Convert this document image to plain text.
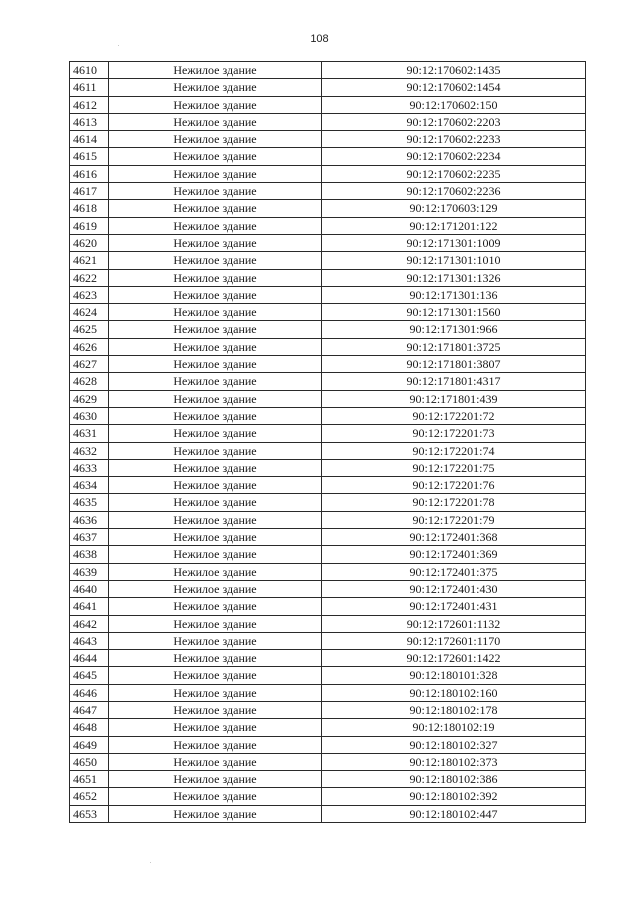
108
4610	Нежилое здание	90:12:170602:1435
4611	Нежилое здание	90:12:170602:1454
4612	Нежилое здание	90:12:170602:150
4613	Нежилое здание	90:12:170602:2203
4614	Нежилое здание	90:12:170602:2233
4615	Нежилое здание	90:12:170602:2234
4616	Нежилое здание	90:12:170602:2235
4617	Нежилое здание	90:12:170602:2236
4618	Нежилое здание	90:12:170603:129
4619	Нежилое здание	90:12:171201:122
4620	Нежилое здание	90:12:171301:1009
4621	Нежилое здание	90:12:171301:1010
4622	Нежилое здание	90:12:171301:1326
4623	Нежилое здание	90:12:171301:136
4624	Нежилое здание	90:12:171301:1560
4625	Нежилое здание	90:12:171301:966
4626	Нежилое здание	90:12:171801:3725
4627	Нежилое здание	90:12:171801:3807
4628	Нежилое здание	90:12:171801:4317
4629	Нежилое здание	90:12:171801:439
4630	Нежилое здание	90:12:172201:72
4631	Нежилое здание	90:12:172201:73
4632	Нежилое здание	90:12:172201:74
4633	Нежилое здание	90:12:172201:75
4634	Нежилое здание	90:12:172201:76
4635	Нежилое здание	90:12:172201:78
4636	Нежилое здание	90:12:172201:79
4637	Нежилое здание	90:12:172401:368
4638	Нежилое здание	90:12:172401:369
4639	Нежилое здание	90:12:172401:375
4640	Нежилое здание	90:12:172401:430
4641	Нежилое здание	90:12:172401:431
4642	Нежилое здание	90:12:172601:1132
4643	Нежилое здание	90:12:172601:1170
4644	Нежилое здание	90:12:172601:1422
4645	Нежилое здание	90:12:180101:328
4646	Нежилое здание	90:12:180102:160
4647	Нежилое здание	90:12:180102:178
4648	Нежилое здание	90:12:180102:19
4649	Нежилое здание	90:12:180102:327
4650	Нежилое здание	90:12:180102:373
4651	Нежилое здание	90:12:180102:386
4652	Нежилое здание	90:12:180102:392
4653	Нежилое здание	90:12:180102:447
